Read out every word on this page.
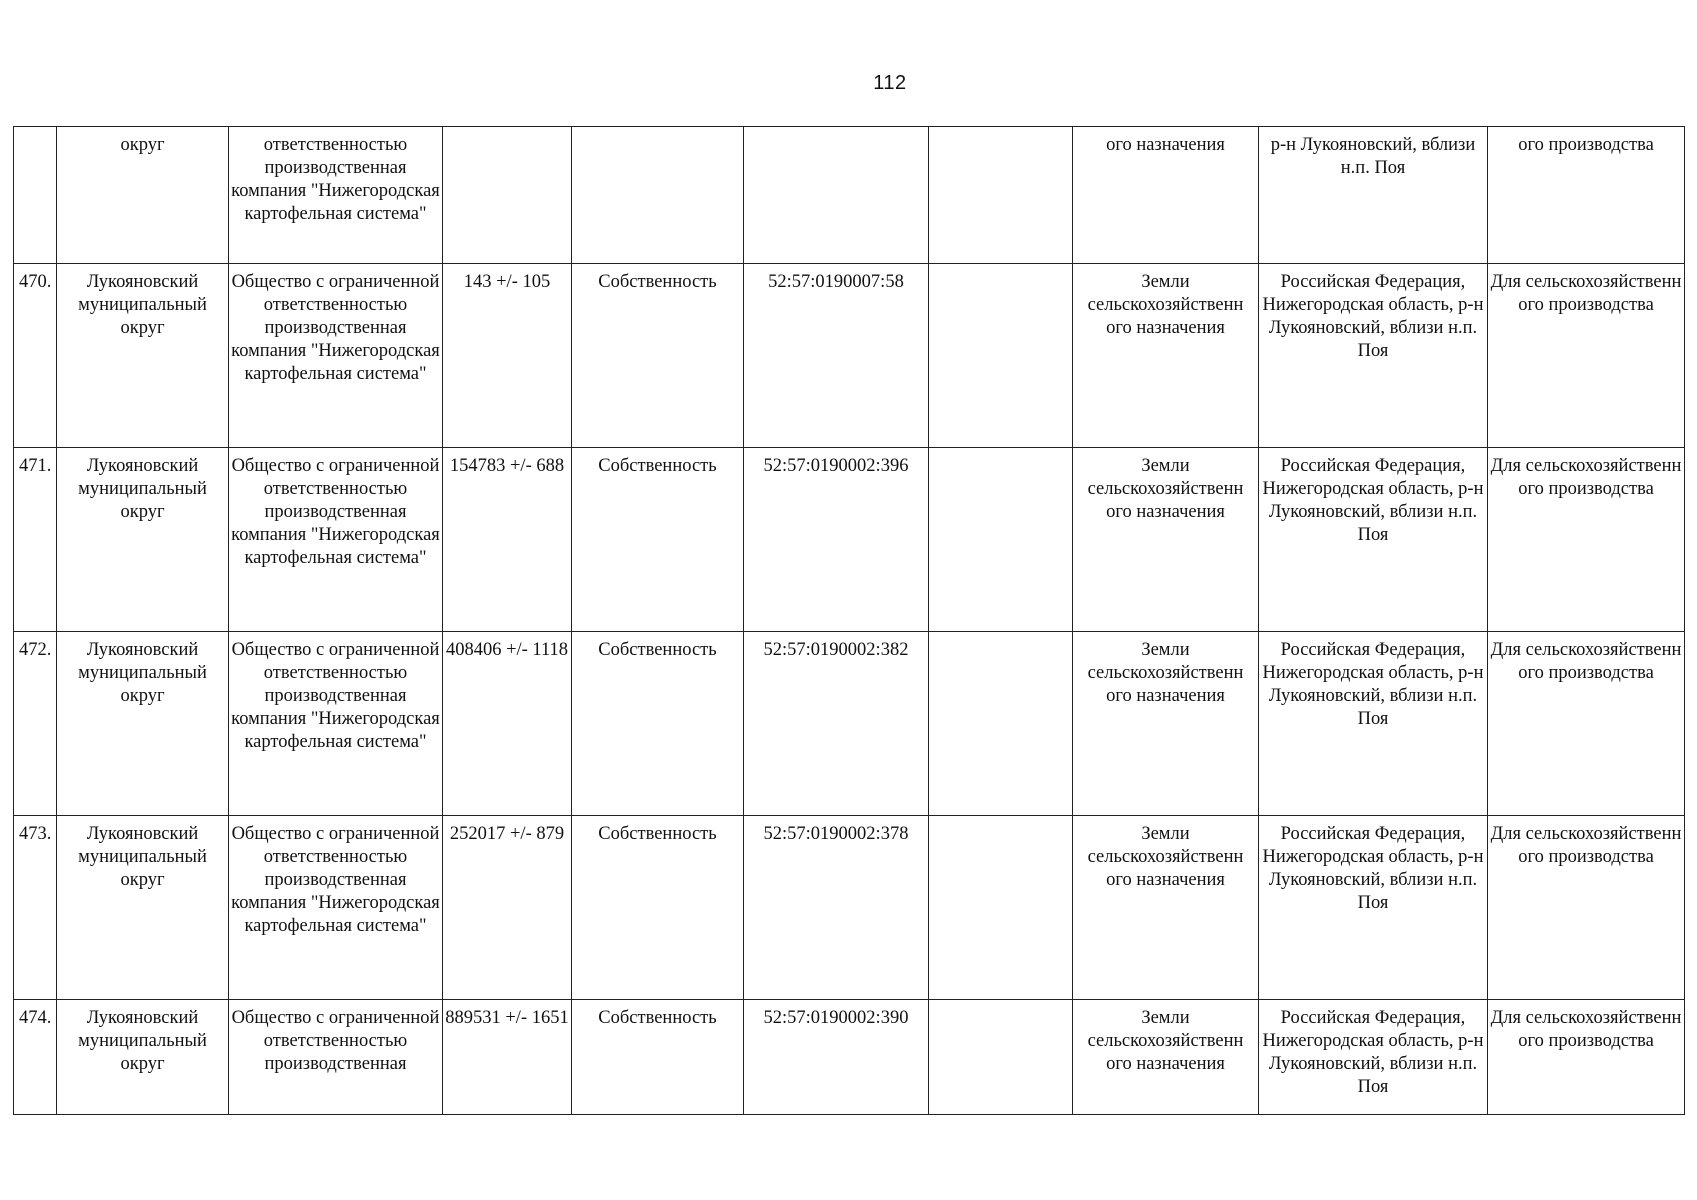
112
	округ	ответственностью производственная компания "Нижегородская картофельная система"					ого назначения	р-н Лукояновский, вблизи н.п. Поя	ого производства
470.	Лукояновский муниципальный округ	Общество с ограниченной ответственностью производственная компания "Нижегородская картофельная система"	143 +/- 105	Собственность	52:57:0190007:58		Земли сельскохозяйственн ого назначения	Российская Федерация, Нижегородская область, р-н Лукояновский, вблизи н.п. Поя	Для сельскохозяйственн ого производства
471.	Лукояновский муниципальный округ	Общество с ограниченной ответственностью производственная компания "Нижегородская картофельная система"	154783 +/- 688	Собственность	52:57:0190002:396		Земли сельскохозяйственн ого назначения	Российская Федерация, Нижегородская область, р-н Лукояновский, вблизи н.п. Поя	Для сельскохозяйственн ого производства
472.	Лукояновский муниципальный округ	Общество с ограниченной ответственностью производственная компания "Нижегородская картофельная система"	408406 +/- 1118	Собственность	52:57:0190002:382		Земли сельскохозяйственн ого назначения	Российская Федерация, Нижегородская область, р-н Лукояновский, вблизи н.п. Поя	Для сельскохозяйственн ого производства
473.	Лукояновский муниципальный округ	Общество с ограниченной ответственностью производственная компания "Нижегородская картофельная система"	252017 +/- 879	Собственность	52:57:0190002:378		Земли сельскохозяйственн ого назначения	Российская Федерация, Нижегородская область, р-н Лукояновский, вблизи н.п. Поя	Для сельскохозяйственн ого производства
474.	Лукояновский муниципальный округ	Общество с ограниченной ответственностью производственная	889531 +/- 1651	Собственность	52:57:0190002:390		Земли сельскохозяйственн ого назначения	Российская Федерация, Нижегородская область, р-н Лукояновский, вблизи н.п. Поя	Для сельскохозяйственн ого производства
